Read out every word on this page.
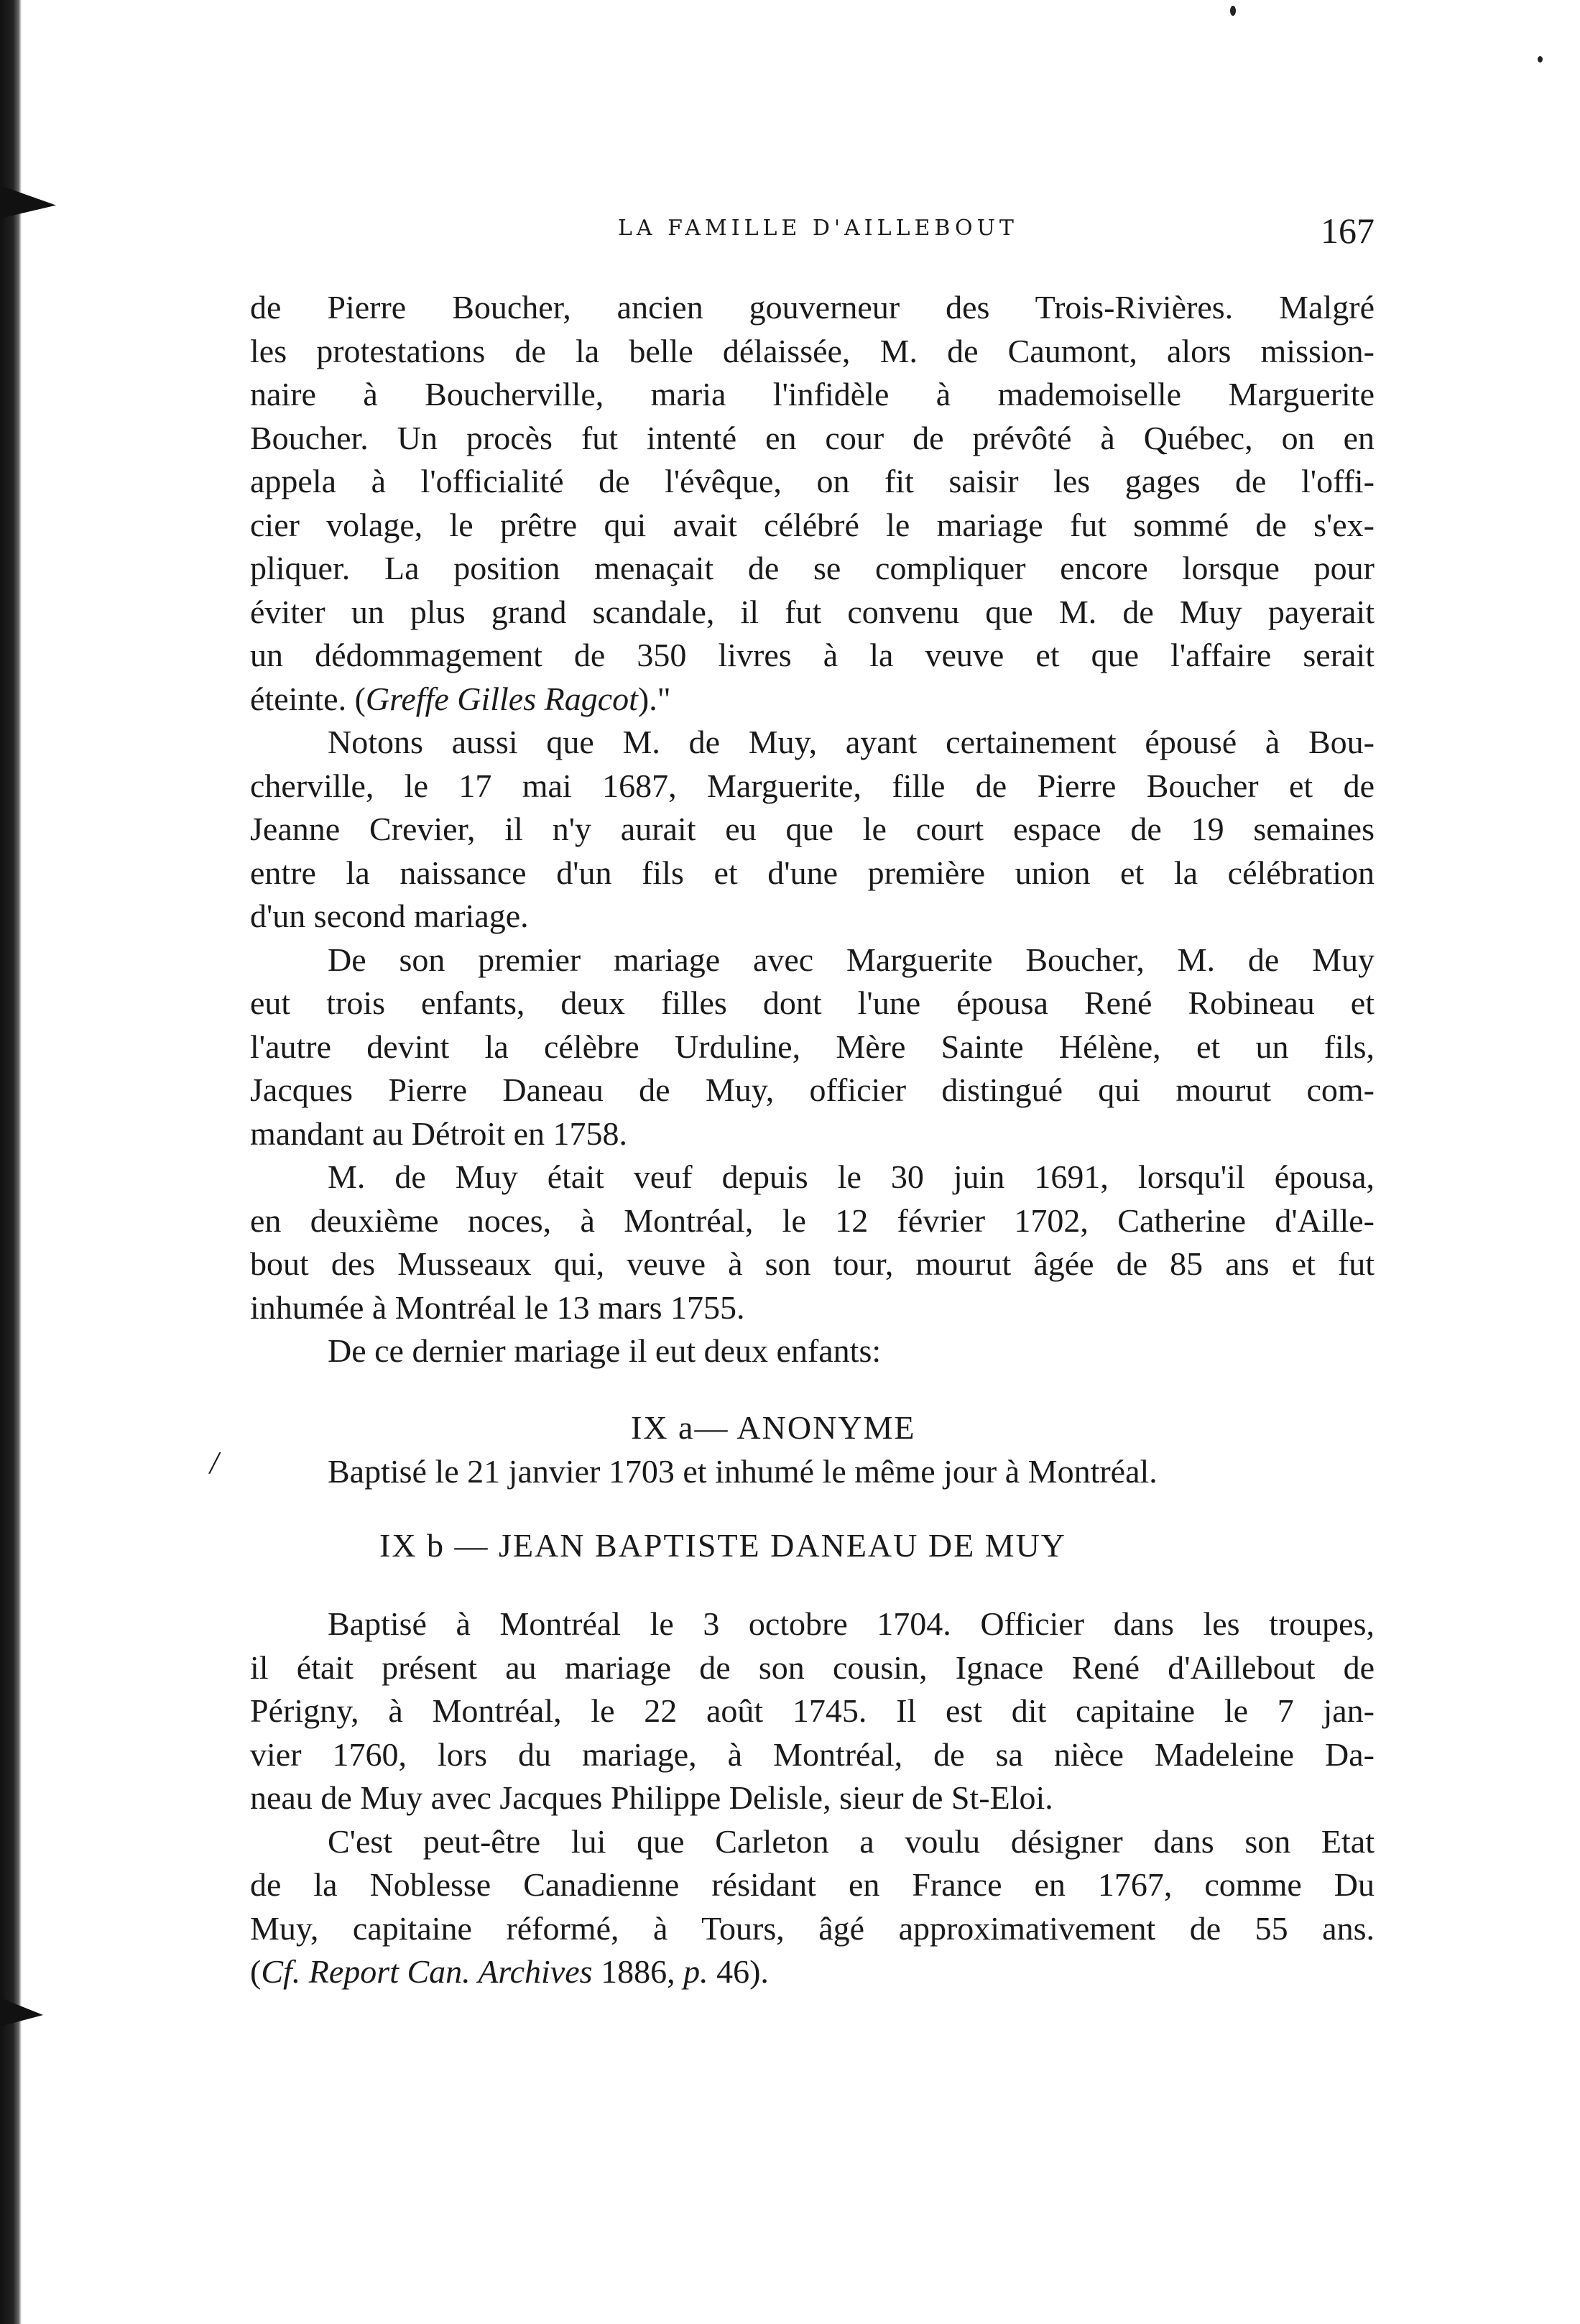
LA FAMILLE D'AILLEBOUT	167
de Pierre Boucher, ancien gouverneur des Trois-Rivières. Malgré
les protestations de la belle délaissée, M. de Caumont, alors mission-
naire à Boucherville, maria l'infidèle à mademoiselle Marguerite
Boucher. Un procès fut intenté en cour de prévôté à Québec, on en
appela à l'officialité de l'évêque, on fit saisir les gages de l'offi-
cier volage, le prêtre qui avait célébré le mariage fut sommé de s'ex-
pliquer. La position menaçait de se compliquer encore lorsque pour
éviter un plus grand scandale, il fut convenu que M. de Muy payerait
un dédommagement de 350 livres à la veuve et que l'affaire serait
éteinte. (Greffe Gilles Ragcot)."
Notons aussi que M. de Muy, ayant certainement épousé à Bou-
cherville, le 17 mai 1687, Marguerite, fille de Pierre Boucher et de
Jeanne Crevier, il n'y aurait eu que le court espace de 19 semaines
entre la naissance d'un fils et d'une première union et la célébration
d'un second mariage.
De son premier mariage avec Marguerite Boucher, M. de Muy
eut trois enfants, deux filles dont l'une épousa René Robineau et
l'autre devint la célèbre Urduline, Mère Sainte Hélène, et un fils,
Jacques Pierre Daneau de Muy, officier distingué qui mourut com-
mandant au Détroit en 1758.
M. de Muy était veuf depuis le 30 juin 1691, lorsqu'il épousa,
en deuxième noces, à Montréal, le 12 février 1702, Catherine d'Aille-
bout des Musseaux qui, veuve à son tour, mourut âgée de 85 ans et fut
inhumée à Montréal le 13 mars 1755.
De ce dernier mariage il eut deux enfants:
IX a— ANONYME
/	Baptisé le 21 janvier 1703 et inhumé le même jour à Montréal.
IX b — JEAN BAPTISTE DANEAU DE MUY
Baptisé à Montréal le 3 octobre 1704. Officier dans les troupes,
il était présent au mariage de son cousin, Ignace René d'Aillebout de
Périgny, à Montréal, le 22 août 1745. Il est dit capitaine le 7 jan-
vier 1760, lors du mariage, à Montréal, de sa nièce Madeleine Da-
neau de Muy avec Jacques Philippe Delisle, sieur de St-Eloi.
C'est peut-être lui que Carleton a voulu désigner dans son Etat
de la Noblesse Canadienne résidant en France en 1767, comme Du
Muy, capitaine réformé, à Tours, âgé approximativement de 55 ans.
(Cf. Report Can. Archives 1886, p. 46).
